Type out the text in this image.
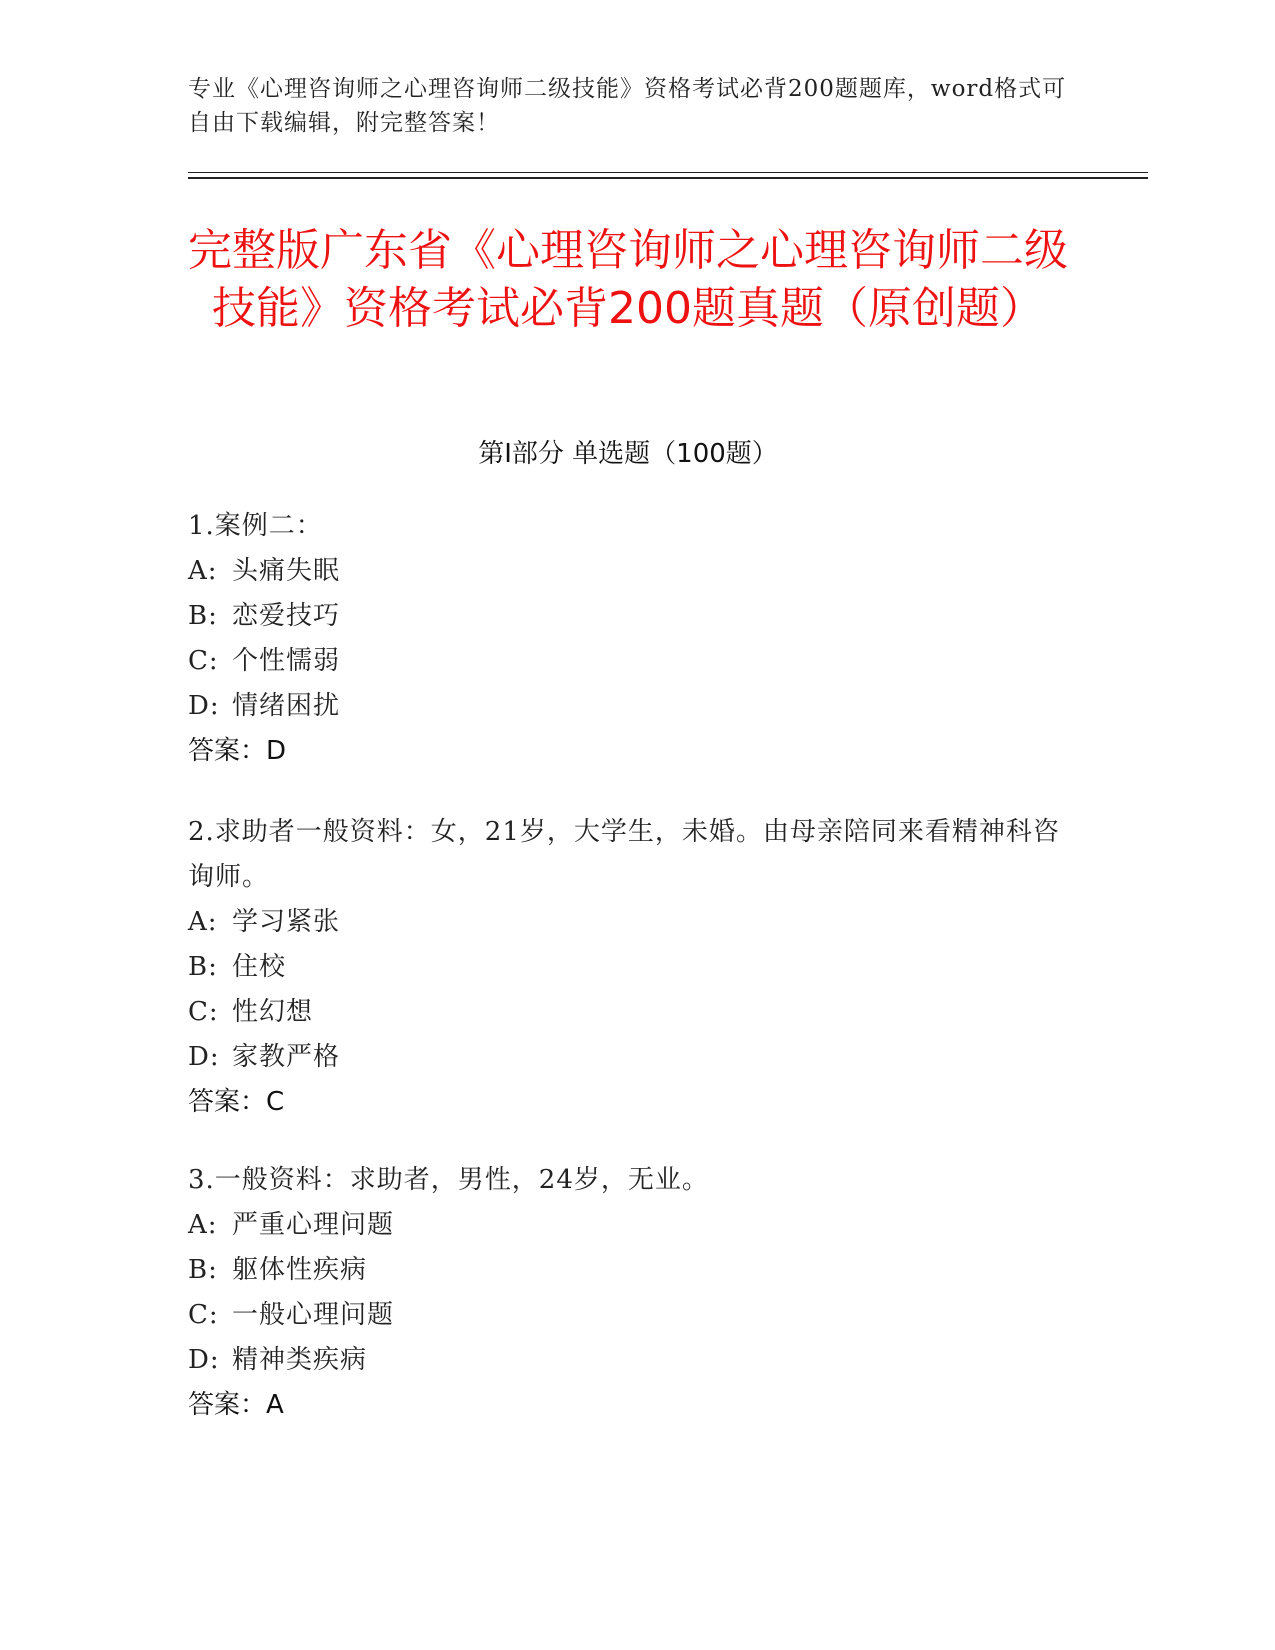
专业《心理咨询师之心理咨询师二级技能》资格考试必背200题题库，word格式可自由下载编辑，附完整答案！
完整版广东省《心理咨询师之心理咨询师二级技能》资格考试必背200题真题（原创题）
第Ⅰ部分 单选题（100题）
1.案例二：
A: 头痛失眠
B: 恋爱技巧
C: 个性懦弱
D: 情绪困扰
答案：D
2.求助者一般资料：女，21岁，大学生，未婚。由母亲陪同来看精神科咨询师。
A: 学习紧张
B: 住校
C: 性幻想
D: 家教严格
答案：C
3.一般资料：求助者，男性，24岁，无业。
A: 严重心理问题
B: 躯体性疾病
C: 一般心理问题
D: 精神类疾病
答案：A
